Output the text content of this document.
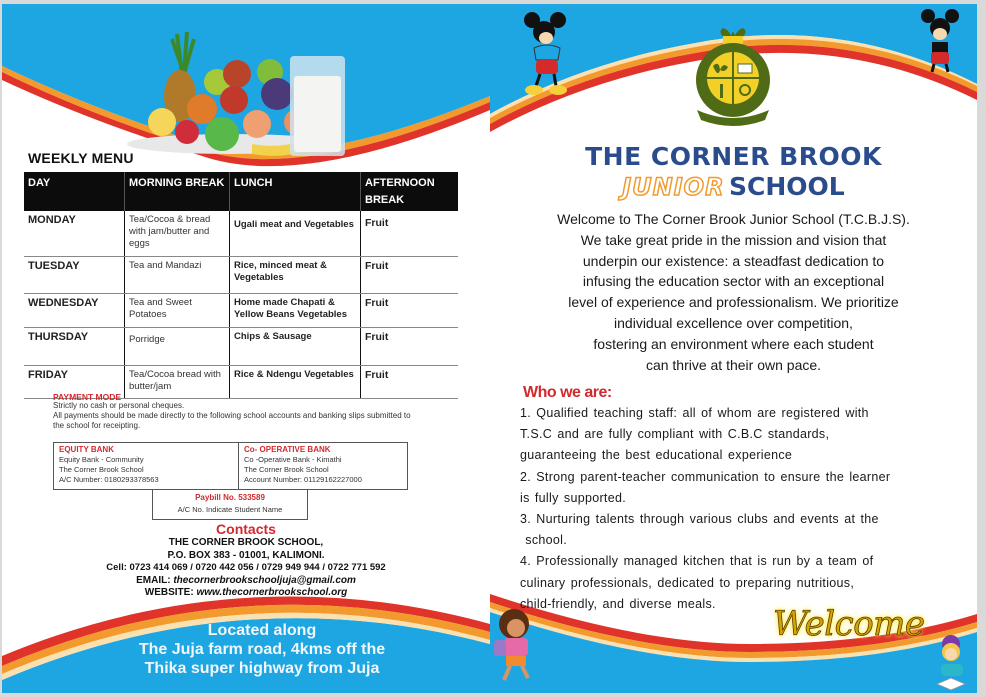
WEEKLY MENU
DAY	MORNING BREAK	LUNCH	AFTERNOON BREAK
MONDAY	Tea/Cocoa & bread with jam/butter and eggs	Ugali meat and Vegetables	Fruit
TUESDAY	Tea and Mandazi	Rice, minced meat & Vegetables	Fruit
WEDNESDAY	Tea and Sweet Potatoes	Home made Chapati & Yellow Beans Vegetables	Fruit
THURSDAY	Porridge	Chips & Sausage	Fruit
FRIDAY	Tea/Cocoa bread with butter/jam	Rice & Ndengu Vegetables	Fruit
PAYMENT MODE
Strictly no cash or personal cheques.
All payments should be made directly to the following school accounts and banking slips submitted to the school for receipting.
EQUITY BANK
Equity Bank - Community
The Corner Brook School
A/C Number: 0180293378563
Co- OPERATIVE BANK
Co -Operative Bank - Kimathi
The Corner Brook School
Account Number: 01129162227000
Paybill No. 533589
A/C No. Indicate Student Name
Contacts
THE CORNER BROOK SCHOOL,
P.O. BOX 383 - 01001, KALIMONI.
Cell: 0723 414 069 / 0720 442 056 / 0729 949 944 / 0722 771 592
EMAIL: thecornerbrookschooljuja@gmail.com
WEBSITE: www.thecornerbrookschool.org
Located along
The Juja farm road, 4kms off the
Thika super highway from Juja
THE CORNER BROOK
JUNIOR SCHOOL
Welcome to The Corner Brook Junior School (T.C.B.J.S).
We take great pride in the mission and vision that
underpin our existence: a steadfast dedication to
infusing the education sector with an exceptional
level of experience and professionalism. We prioritize
individual excellence over competition,
fostering an environment where each student
can thrive at their own pace.
Who we are:

1. Qualified teaching staff: all of whom are registered with

T.S.C and are fully compliant with C.B.C standards,

guaranteeing the best educational experience

2. Strong parent-teacher communication to ensure the learner

is fully supported.

3. Nurturing talents through various clubs and events at the

school.

4. Professionally managed kitchen that is run by a team of

culinary professionals, dedicated to preparing nutritious,

child-friendly, and diverse meals.

Welcome
